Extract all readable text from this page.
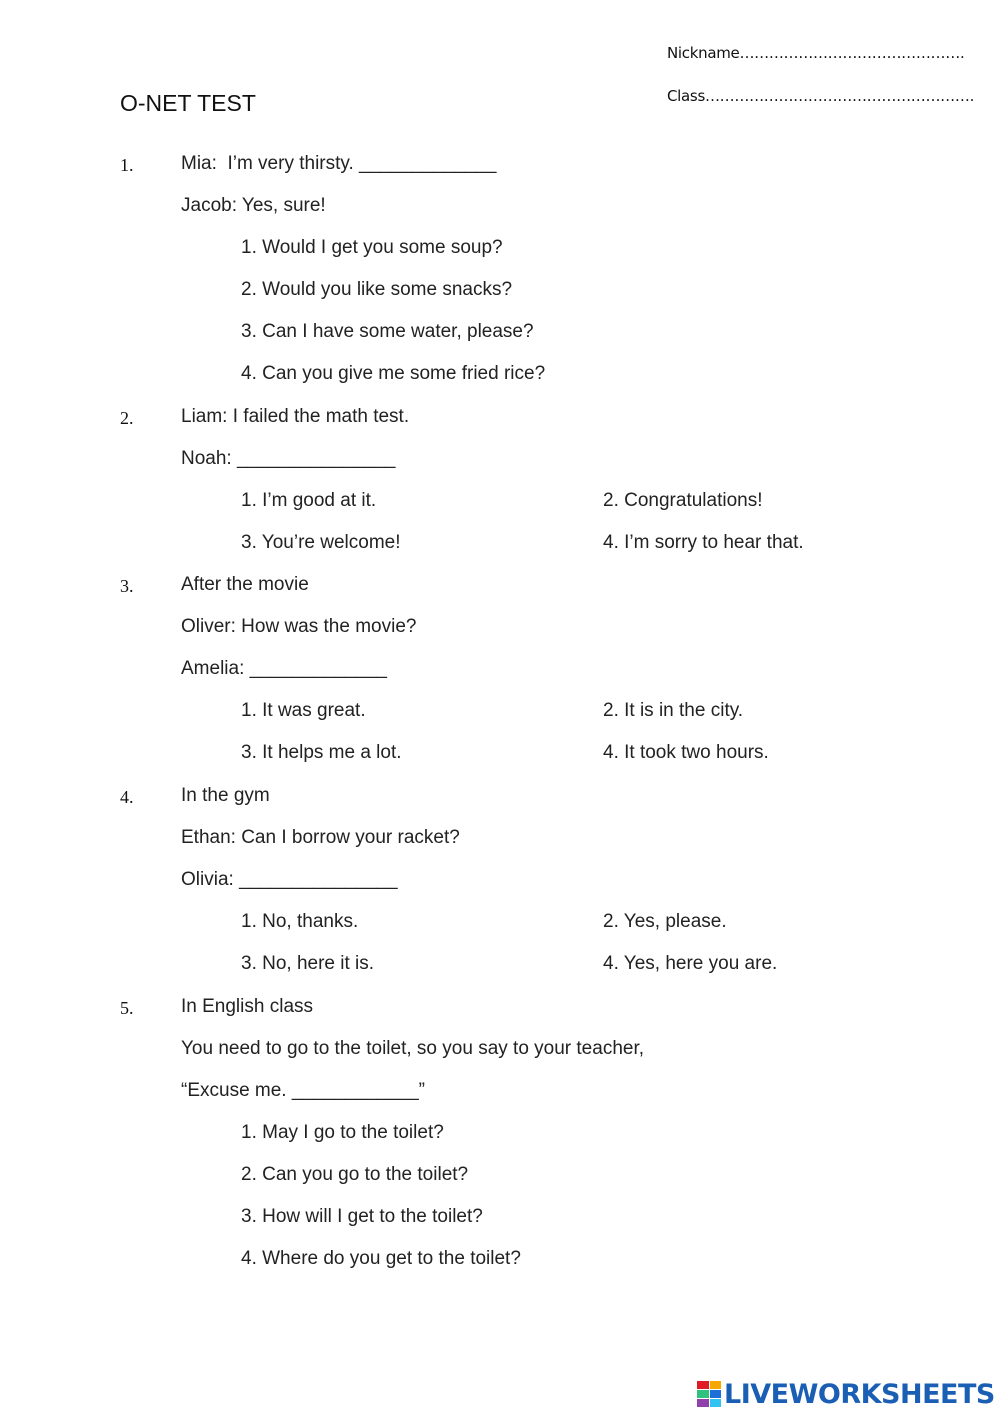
Nickname……………………………………….
Class……………………………………………….
O-NET TEST
1.	Mia:  I’m very thirsty. _____________
Jacob: Yes, sure!
1. Would I get you some soup?
2. Would you like some snacks?
3. Can I have some water, please?
4. Can you give me some fried rice?
2.	Liam: I failed the math test.
Noah: _______________
1. I’m good at it.	2. Congratulations!
3. You’re welcome!	4. I’m sorry to hear that.
3.	After the movie
Oliver: How was the movie?
Amelia: _____________
1. It was great.	2. It is in the city.
3. It helps me a lot.	4. It took two hours.
4.	In the gym
Ethan: Can I borrow your racket?
Olivia: _______________
1. No, thanks.	2. Yes, please.
3. No, here it is.	4. Yes, here you are.
5.	In English class
You need to go to the toilet, so you say to your teacher,
“Excuse me. ____________”
1. May I go to the toilet?
2. Can you go to the toilet?
3. How will I get to the toilet?
4. Where do you get to the toilet?
LIVEWORKSHEETS
